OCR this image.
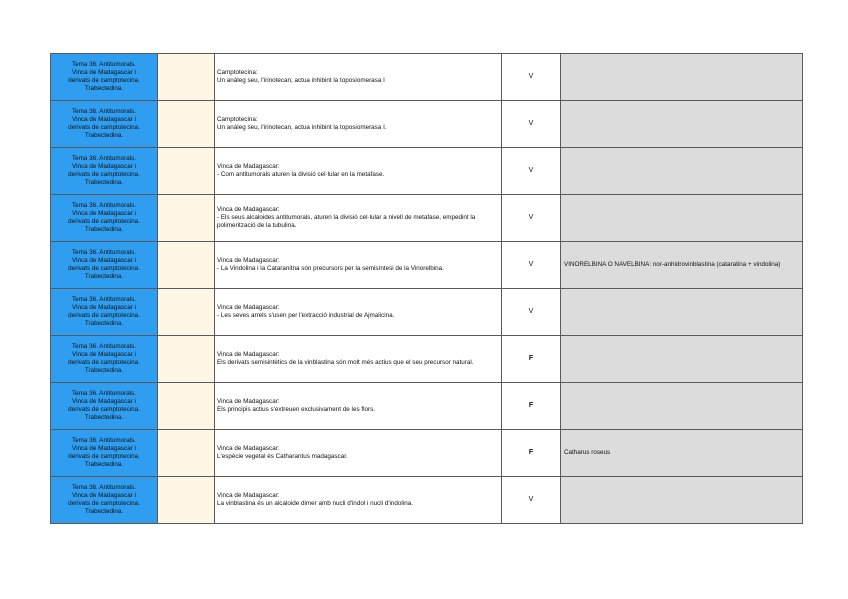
Tema 36. Antitumorals.
Vinca de Madagascar i
derivats de camptotecina.
Trabectedina.		Camptotecina:
Un anàleg seu, l'irinotecan, actua inhibint la toposiomerasa I	V	

Tema 36. Antitumorals.
Vinca de Madagascar i
derivats de camptotecina.
Trabectedina.		Camptotecina:
Un anàleg seu, l'irinotecan, actua inhibint la toposiomerasa I.	V	

Tema 36. Antitumorals.
Vinca de Madagascar i
derivats de camptotecina.
Trabectedina.		Vinca de Madagascar:
- Com antitumorals aturen la divisió cel·lular en la metafase.	V	

Tema 36. Antitumorals.
Vinca de Madagascar i
derivats de camptotecina.
Trabectedina.		Vinca de Madagascar:
- Els seus alcaloides antitumorals, aturen la divisió cel·lular a nivell de metafase, empedint la polimerització de la tubulina.	V	

Tema 36. Antitumorals.
Vinca de Madagascar i
derivats de camptotecina.
Trabectedina.		Vinca de Madagascar:
- La Vindolina i la Cataranitna són precursors per la semisíntesi de la Vinorelbina.	V	VINORELBINA O NAVELBINA: nor-anhidrovinblastina (cataratina + vindolina)

Tema 36. Antitumorals.
Vinca de Madagascar i
derivats de camptotecina.
Trabectedina.		Vinca de Madagascar:
- Les seves arrels s'usen per l'extracció industrial de Ajmalicina.	V	

Tema 36. Antitumorals.
Vinca de Madagascar i
derivats de camptotecina.
Trabectedina.		Vinca de Madagascar:
Els derivats semisintètics de la vinblastina són molt més actius que el seu precursor natural.	F	

Tema 36. Antitumorals.
Vinca de Madagascar i
derivats de camptotecina.
Trabectedina.		Vinca de Madagascar:
Els principis actius s'extreuen exclusivament de les flors.	F	

Tema 36. Antitumorals.
Vinca de Madagascar i
derivats de camptotecina.
Trabectedina.		Vinca de Madagascar:
L'espècie vegetal és Catharantus madagascar.	F	Catharus roseus

Tema 36. Antitumorals.
Vinca de Madagascar i
derivats de camptotecina.
Trabectedina.		Vinca de Madagascar:
La vinblastina és un alcaloide dimer amb nucli d'indol i nucli d'indolina.	V	
